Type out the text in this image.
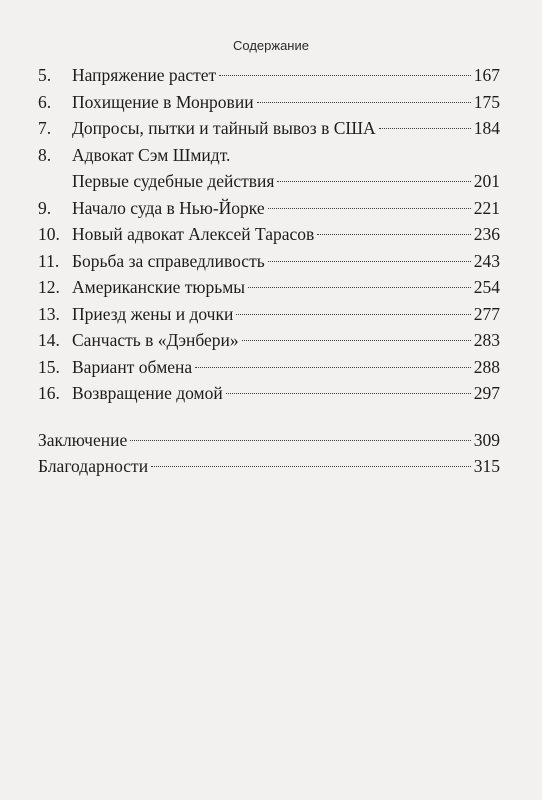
Содержание
5.	Напряжение растет	167
6.	Похищение в Монровии	175
7.	Допросы, пытки и тайный вывоз в США	184
8.	Адвокат Сэм Шмидт.
Первые судебные действия	201
9.	Начало суда в Нью-Йорке	221
10. Новый адвокат Алексей Тарасов	236
11. Борьба за справедливость	243
12. Американские тюрьмы	254
13. Приезд жены и дочки	277
14. Санчасть в «Дэнбери»	283
15. Вариант обмена	288
16. Возвращение домой	297
Заключение	309
Благодарности	315
